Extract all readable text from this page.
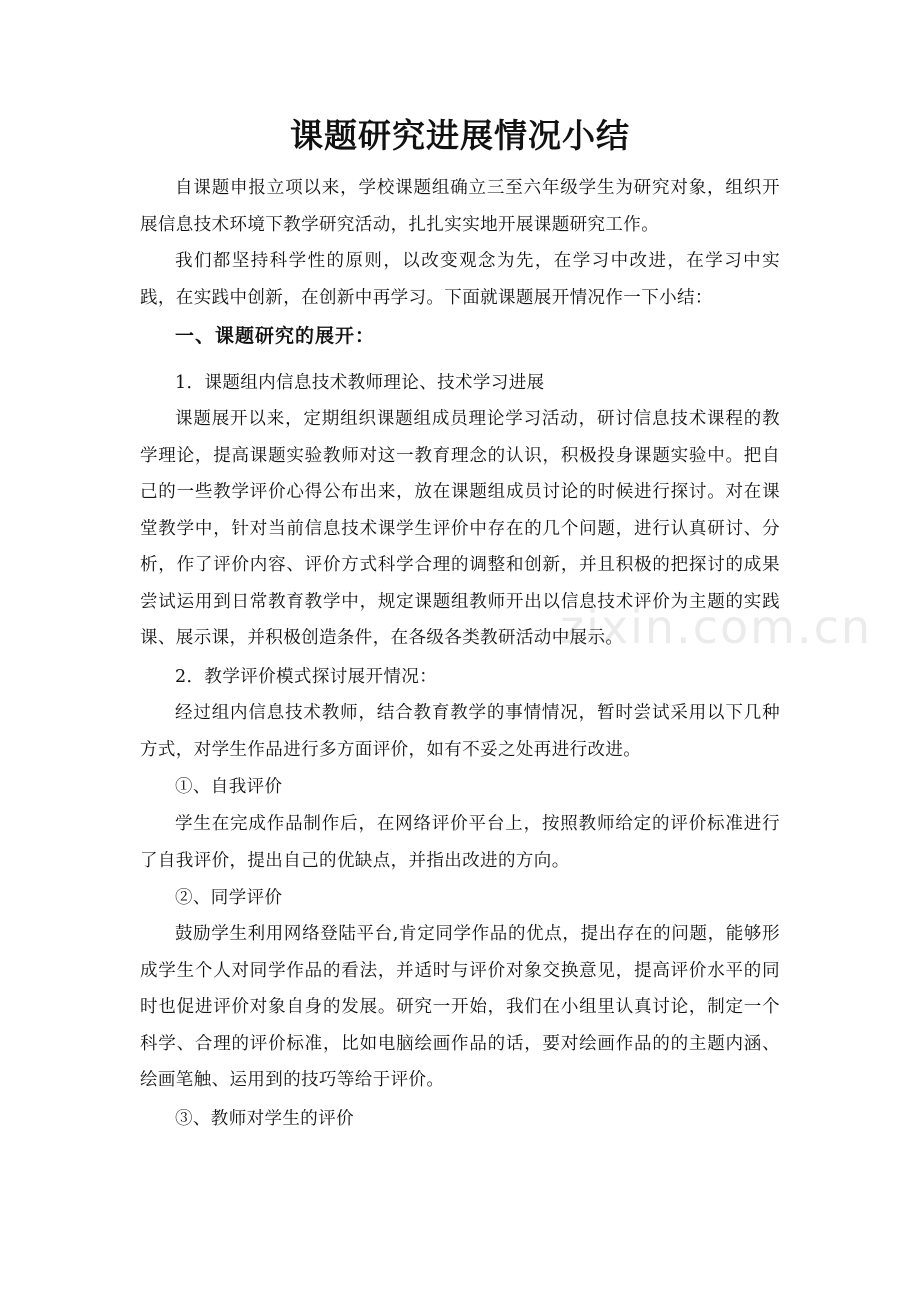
课题研究进展情况小结

自课题申报立项以来，学校课题组确立三至六年级学生为研究对象，组织开展信息技术环境下教学研究活动，扎扎实实地开展课题研究工作。

我们都坚持科学性的原则，以改变观念为先，在学习中改进，在学习中实践，在实践中创新，在创新中再学习。下面就课题展开情况作一下小结：

一、课题研究的展开：
1．课题组内信息技术教师理论、技术学习进展

课题展开以来，定期组织课题组成员理论学习活动，研讨信息技术课程的教学理论，提高课题实验教师对这一教育理念的认识，积极投身课题实验中。把自己的一些教学评价心得公布出来，放在课题组成员讨论的时候进行探讨。对在课堂教学中，针对当前信息技术课学生评价中存在的几个问题，进行认真研讨、分析，作了评价内容、评价方式科学合理的调整和创新，并且积极的把探讨的成果尝试运用到日常教育教学中，规定课题组教师开出以信息技术评价为主题的实践课、展示课，并积极创造条件，在各级各类教研活动中展示。

2．教学评价模式探讨展开情况：

经过组内信息技术教师，结合教育教学的事情情况，暂时尝试采用以下几种方式，对学生作品进行多方面评价，如有不妥之处再进行改进。

①、自我评价

学生在完成作品制作后，在网络评价平台上，按照教师给定的评价标准进行了自我评价，提出自己的优缺点，并指出改进的方向。

②、同学评价

鼓励学生利用网络登陆平台,肯定同学作品的优点，提出存在的问题，能够形成学生个人对同学作品的看法，并适时与评价对象交换意见，提高评价水平的同时也促进评价对象自身的发展。研究一开始，我们在小组里认真讨论，制定一个科学、合理的评价标准，比如电脑绘画作品的话，要对绘画作品的的主题内涵、绘画笔触、运用到的技巧等给于评价。

③、教师对学生的评价
zixin.com.cn
